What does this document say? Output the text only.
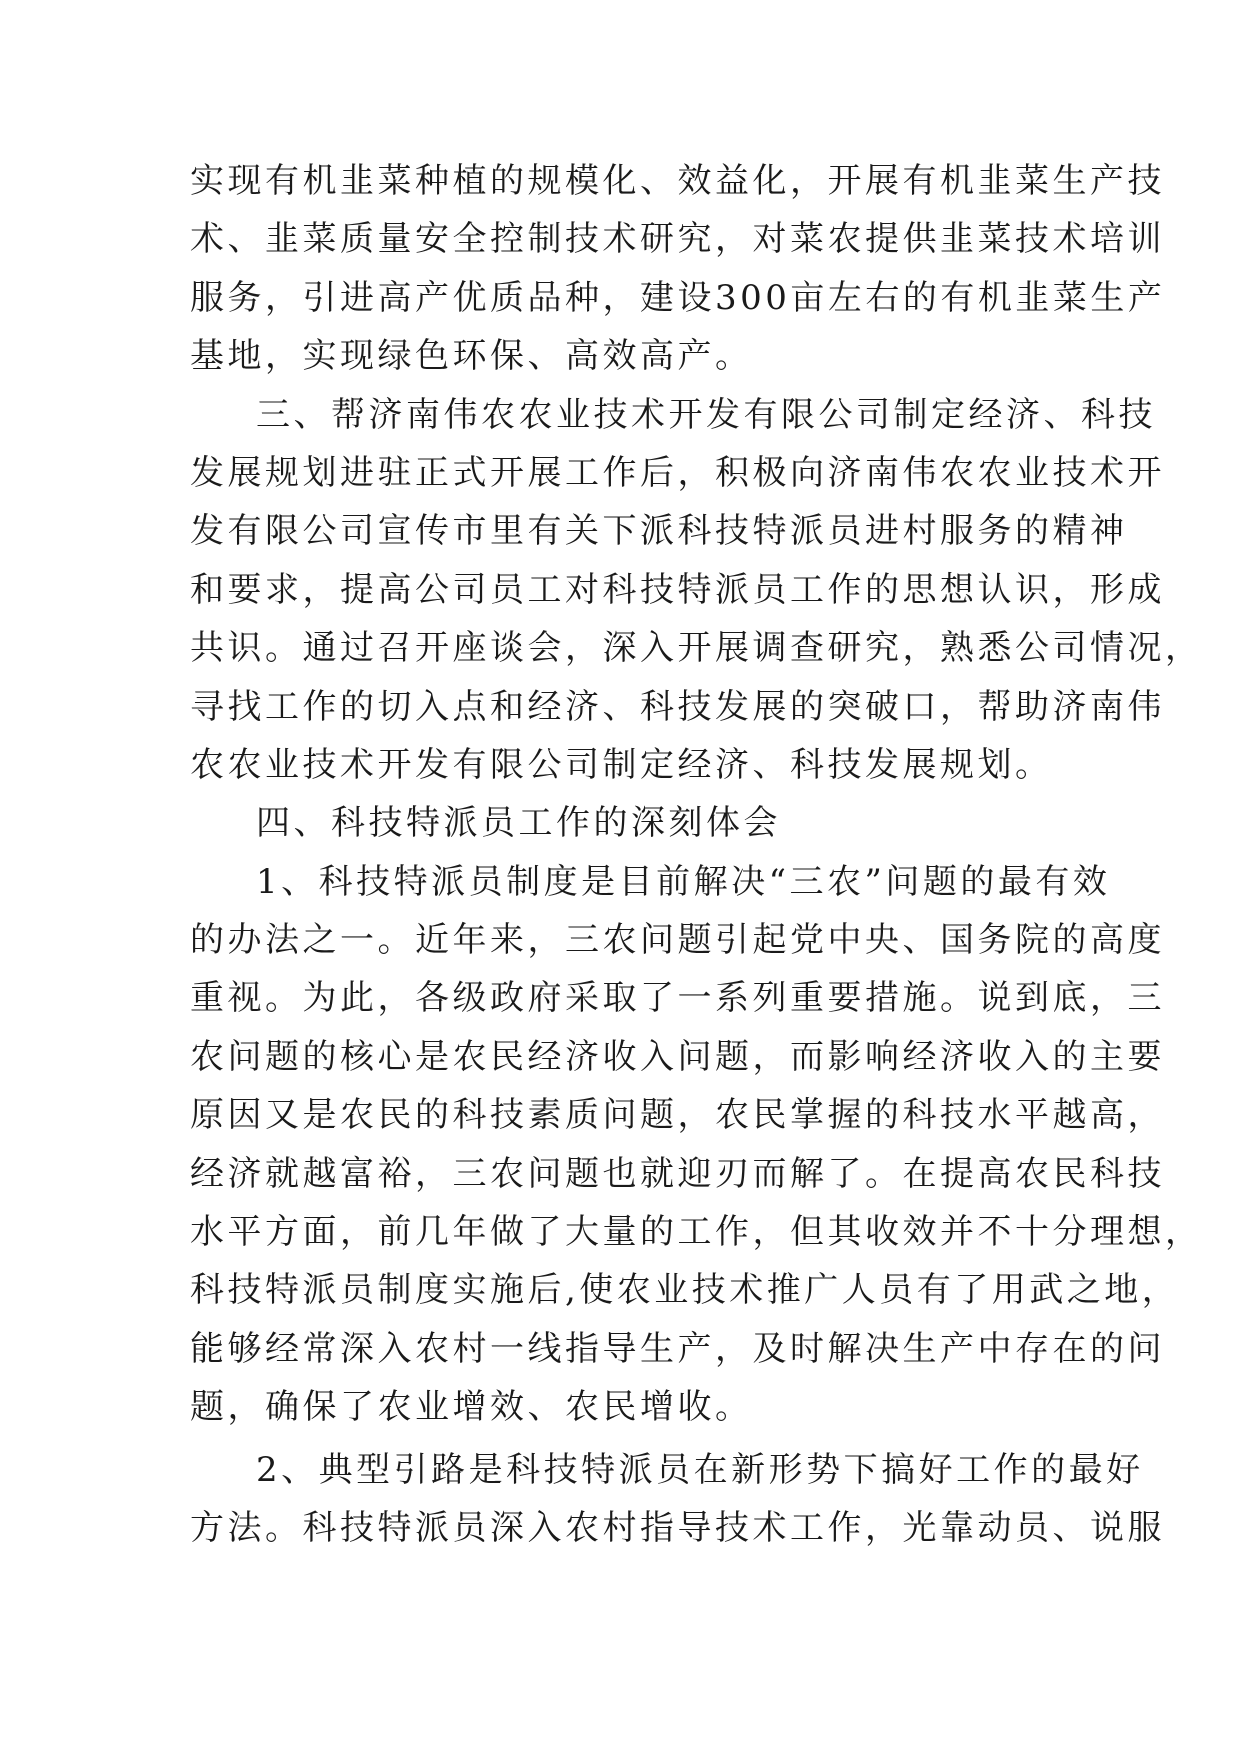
实现有机韭菜种植的规模化、效益化，开展有机韭菜生产技
术、韭菜质量安全控制技术研究，对菜农提供韭菜技术培训
服务，引进高产优质品种，建设300亩左右的有机韭菜生产
基地，实现绿色环保、高效高产。
三、帮济南伟农农业技术开发有限公司制定经济、科技
发展规划进驻正式开展工作后，积极向济南伟农农业技术开
发有限公司宣传市里有关下派科技特派员进村服务的精神
和要求，提高公司员工对科技特派员工作的思想认识，形成
共识。通过召开座谈会，深入开展调查研究，熟悉公司情况，
寻找工作的切入点和经济、科技发展的突破口，帮助济南伟
农农业技术开发有限公司制定经济、科技发展规划。
四、科技特派员工作的深刻体会
1、科技特派员制度是目前解决“三农”问题的最有效
的办法之一。近年来，三农问题引起党中央、国务院的高度
重视。为此，各级政府采取了一系列重要措施。说到底，三
农问题的核心是农民经济收入问题，而影响经济收入的主要
原因又是农民的科技素质问题，农民掌握的科技水平越高，
经济就越富裕，三农问题也就迎刃而解了。在提高农民科技
水平方面，前几年做了大量的工作，但其收效并不十分理想，
科技特派员制度实施后,使农业技术推广人员有了用武之地，
能够经常深入农村一线指导生产，及时解决生产中存在的问
题，确保了农业增效、农民增收。
2、典型引路是科技特派员在新形势下搞好工作的最好
方法。科技特派员深入农村指导技术工作，光靠动员、说服
